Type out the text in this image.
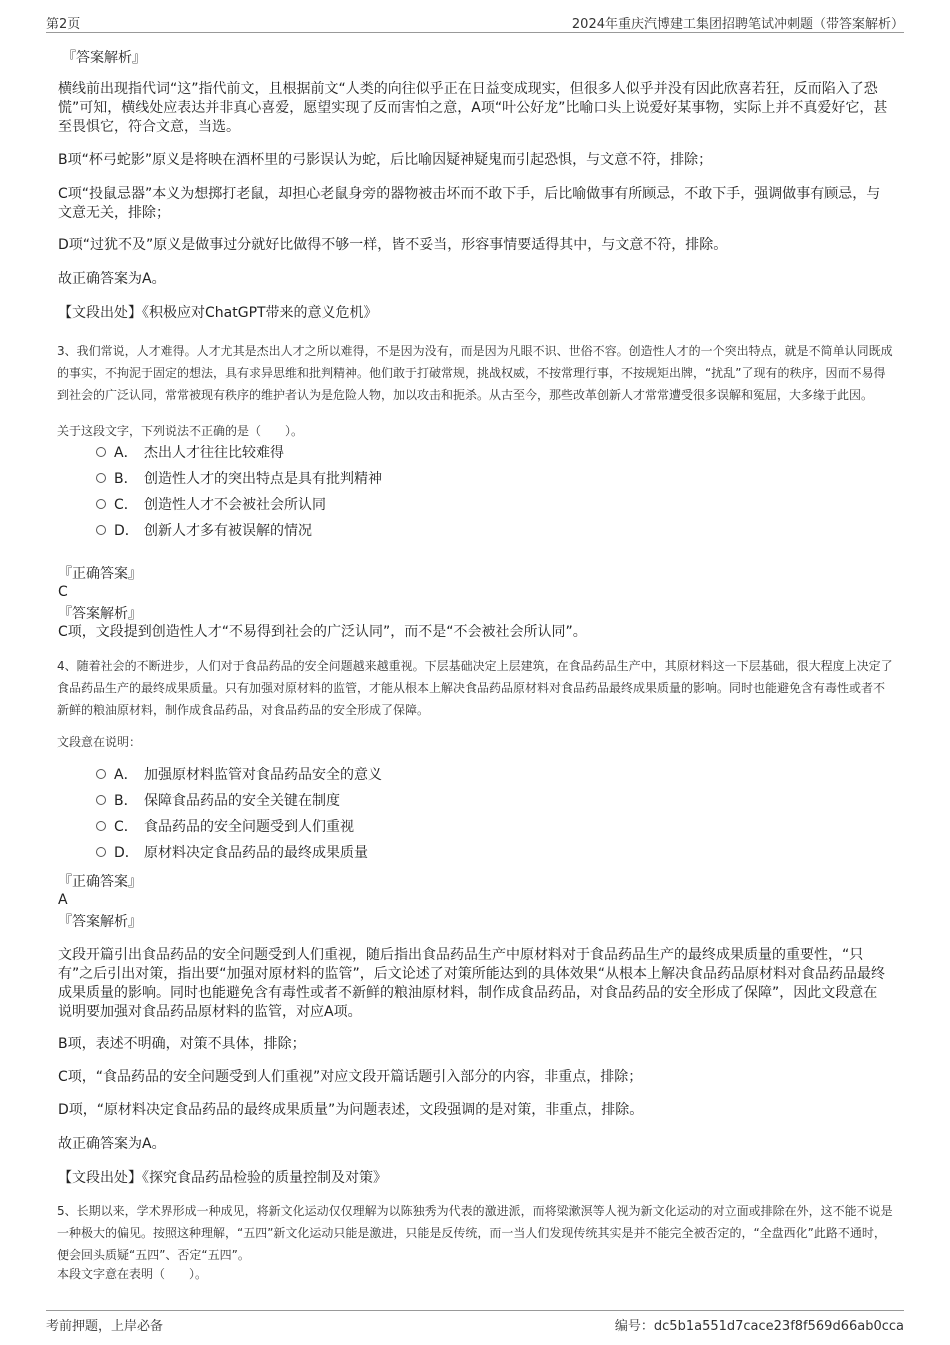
第2页	2024年重庆汽博建工集团招聘笔试冲刺题（带答案解析）
『答案解析』
横线前出现指代词“这”指代前文，且根据前文“人类的向往似乎正在日益变成现实，但很多人似乎并没有因此欣喜若狂，反而陷入了恐慌”可知，横线处应表达并非真心喜爱，愿望实现了反而害怕之意，A项“叶公好龙”比喻口头上说爱好某事物，实际上并不真爱好它，甚至畏惧它，符合文意，当选。
B项“杯弓蛇影”原义是将映在酒杯里的弓影误认为蛇，后比喻因疑神疑鬼而引起恐惧，与文意不符，排除；
C项“投鼠忌器”本义为想掷打老鼠，却担心老鼠身旁的器物被击坏而不敢下手，后比喻做事有所顾忌，不敢下手，强调做事有顾忌，与文意无关，排除；
D项“过犹不及”原义是做事过分就好比做得不够一样，皆不妥当，形容事情要适得其中，与文意不符，排除。
故正确答案为A。
【文段出处】《积极应对ChatGPT带来的意义危机》
3、我们常说，人才难得。人才尤其是杰出人才之所以难得，不是因为没有，而是因为凡眼不识、世俗不容。创造性人才的一个突出特点，就是不简单认同既成的事实，不拘泥于固定的想法，具有求异思维和批判精神。他们敢于打破常规，挑战权威，不按常理行事，不按规矩出牌，“扰乱”了现有的秩序，因而不易得到社会的广泛认同，常常被现有秩序的维护者认为是危险人物，加以攻击和扼杀。从古至今，那些改革创新人才常常遭受很多误解和冤屈，大多缘于此因。
关于这段文字，下列说法不正确的是（　　）。
A． 杰出人才往往比较难得
B． 创造性人才的突出特点是具有批判精神
C． 创造性人才不会被社会所认同
D． 创新人才多有被误解的情况
『正确答案』
C
『答案解析』
C项，文段提到创造性人才“不易得到社会的广泛认同”，而不是“不会被社会所认同”。
4、随着社会的不断进步，人们对于食品药品的安全问题越来越重视。下层基础决定上层建筑，在食品药品生产中，其原材料这一下层基础，很大程度上决定了食品药品生产的最终成果质量。只有加强对原材料的监管，才能从根本上解决食品药品原材料对食品药品最终成果质量的影响。同时也能避免含有毒性或者不新鲜的粮油原材料，制作成食品药品，对食品药品的安全形成了保障。
文段意在说明：
A． 加强原材料监管对食品药品安全的意义
B． 保障食品药品的安全关键在制度
C． 食品药品的安全问题受到人们重视
D． 原材料决定食品药品的最终成果质量
『正确答案』
A
『答案解析』
文段开篇引出食品药品的安全问题受到人们重视，随后指出食品药品生产中原材料对于食品药品生产的最终成果质量的重要性，“只有”之后引出对策，指出要“加强对原材料的监管”，后文论述了对策所能达到的具体效果“从根本上解决食品药品原材料对食品药品最终成果质量的影响。同时也能避免含有毒性或者不新鲜的粮油原材料，制作成食品药品，对食品药品的安全形成了保障”，因此文段意在说明要加强对食品药品原材料的监管，对应A项。
B项，表述不明确，对策不具体，排除；
C项，“食品药品的安全问题受到人们重视”对应文段开篇话题引入部分的内容，非重点，排除；
D项，“原材料决定食品药品的最终成果质量”为问题表述，文段强调的是对策，非重点，排除。
故正确答案为A。
【文段出处】《探究食品药品检验的质量控制及对策》
5、长期以来，学术界形成一种成见，将新文化运动仅仅理解为以陈独秀为代表的激进派，而将梁漱溟等人视为新文化运动的对立面或排除在外，这不能不说是一种极大的偏见。按照这种理解，“五四”新文化运动只能是激进，只能是反传统，而一当人们发现传统其实是并不能完全被否定的，“全盘西化”此路不通时，便会回头质疑“五四”、否定“五四”。
本段文字意在表明（　　）。
考前押题，上岸必备	编号：dc5b1a551d7cace23f8f569d66ab0cca
